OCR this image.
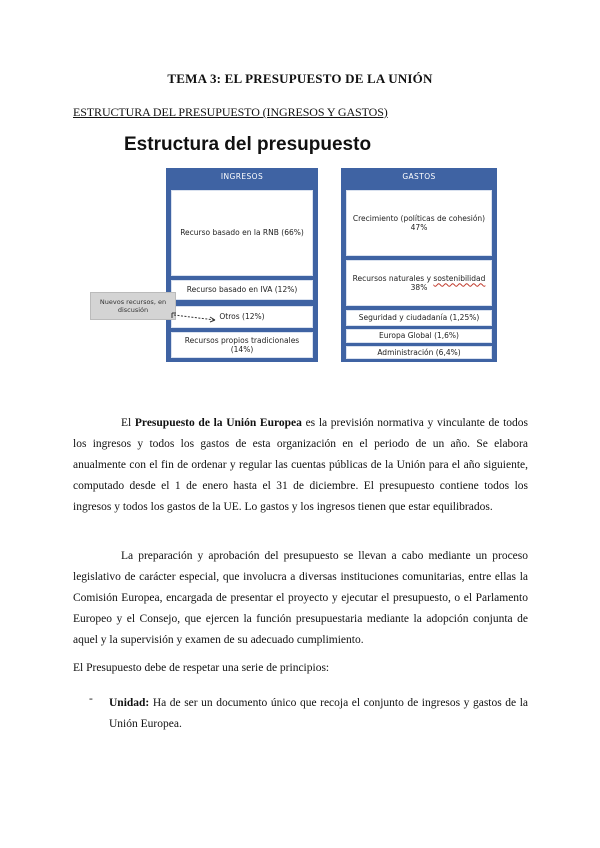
TEMA 3: EL PRESUPUESTO DE LA UNIÓN
ESTRUCTURA DEL PRESUPUESTO (INGRESOS Y GASTOS)
Estructura del presupuesto
INGRESOS
Recurso basado en la RNB (66%)
Recurso basado en IVA (12%)
Otros (12%)
Recursos propios tradicionales (14%)
GASTOS
Crecimiento (políticas de cohesión)
47%
Recursos naturales y sostenibilidad
38%
Seguridad y ciudadanía (1,25%)
Europa Global (1,6%)
Administración (6,4%)
Nuevos recursos, en discusión

El Presupuesto de la Unión Europea es la previsión normativa y vinculante de todos los ingresos y todos los gastos de esta organización en el periodo de un año. Se elabora anualmente con el fin de ordenar y regular las cuentas públicas de la Unión para el año siguiente, computado desde el 1 de enero hasta el 31 de diciembre. El presupuesto contiene todos los ingresos y todos los gastos de la UE. Lo gastos y los ingresos tienen que estar equilibrados.

La preparación y aprobación del presupuesto se llevan a cabo mediante un proceso legislativo de carácter especial, que involucra a diversas instituciones comunitarias, entre ellas la Comisión Europea, encargada de presentar el proyecto y ejecutar el presupuesto, o el Parlamento Europeo y el Consejo, que ejercen la función presupuestaria mediante la adopción conjunta de aquel y la supervisión y examen de su adecuado cumplimiento.

El Presupuesto debe de respetar una serie de principios:

- Unidad: Ha de ser un documento único que recoja el conjunto de ingresos y gastos de la Unión Europea.
